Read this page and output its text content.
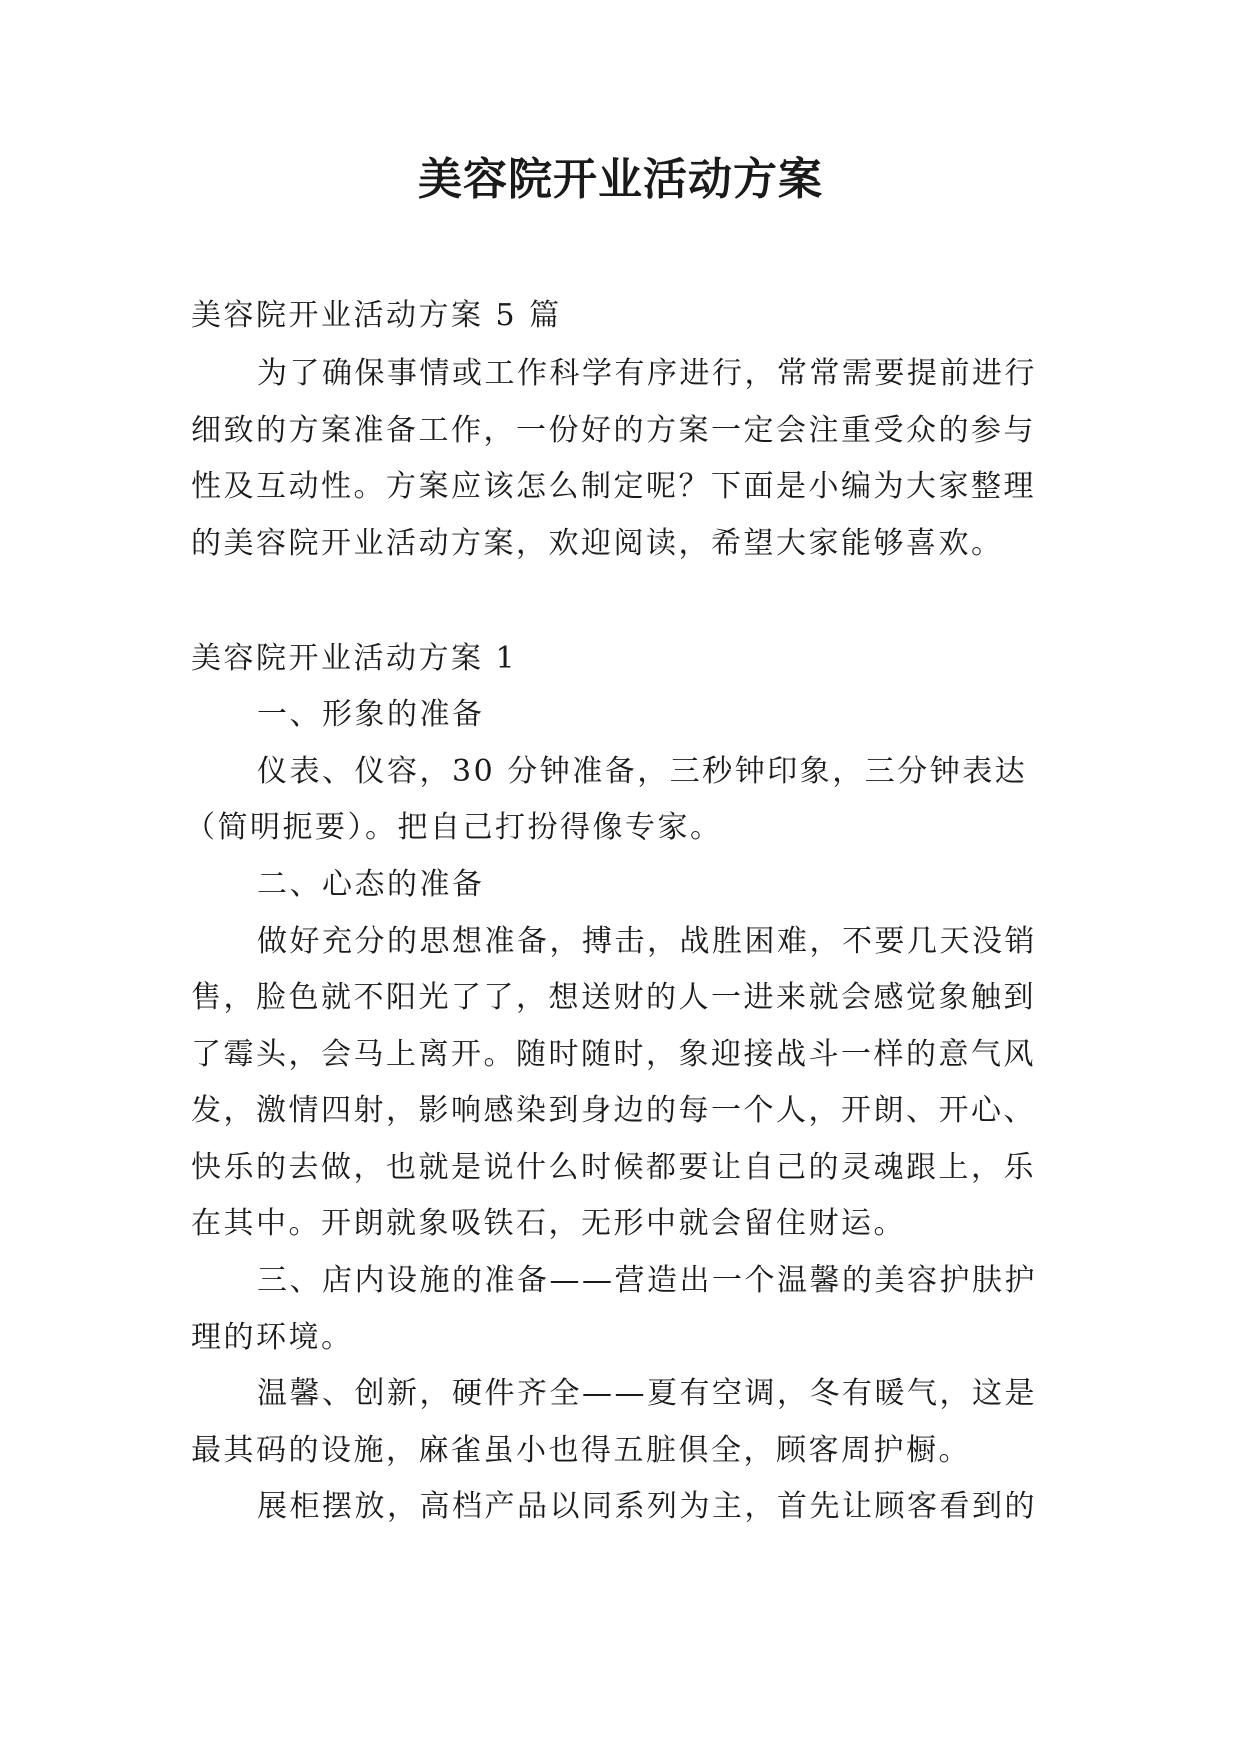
美容院开业活动方案

美容院开业活动方案 5 篇

为了确保事情或工作科学有序进行，常常需要提前进行

细致的方案准备工作，一份好的方案一定会注重受众的参与

性及互动性。方案应该怎么制定呢？下面是小编为大家整理

的美容院开业活动方案，欢迎阅读，希望大家能够喜欢。

美容院开业活动方案 1

一、形象的准备

仪表、仪容，30 分钟准备，三秒钟印象，三分钟表达

（简明扼要）。把自己打扮得像专家。

二、心态的准备

做好充分的思想准备，搏击，战胜困难，不要几天没销

售，脸色就不阳光了了，想送财的人一进来就会感觉象触到

了霉头，会马上离开。随时随时，象迎接战斗一样的意气风

发，激情四射，影响感染到身边的每一个人，开朗、开心、

快乐的去做，也就是说什么时候都要让自己的灵魂跟上，乐

在其中。开朗就象吸铁石，无形中就会留住财运。

三、店内设施的准备——营造出一个温馨的美容护肤护

理的环境。

温馨、创新，硬件齐全——夏有空调，冬有暖气，这是

最其码的设施，麻雀虽小也得五脏俱全，顾客周护橱。

展柜摆放，高档产品以同系列为主，首先让顾客看到的
